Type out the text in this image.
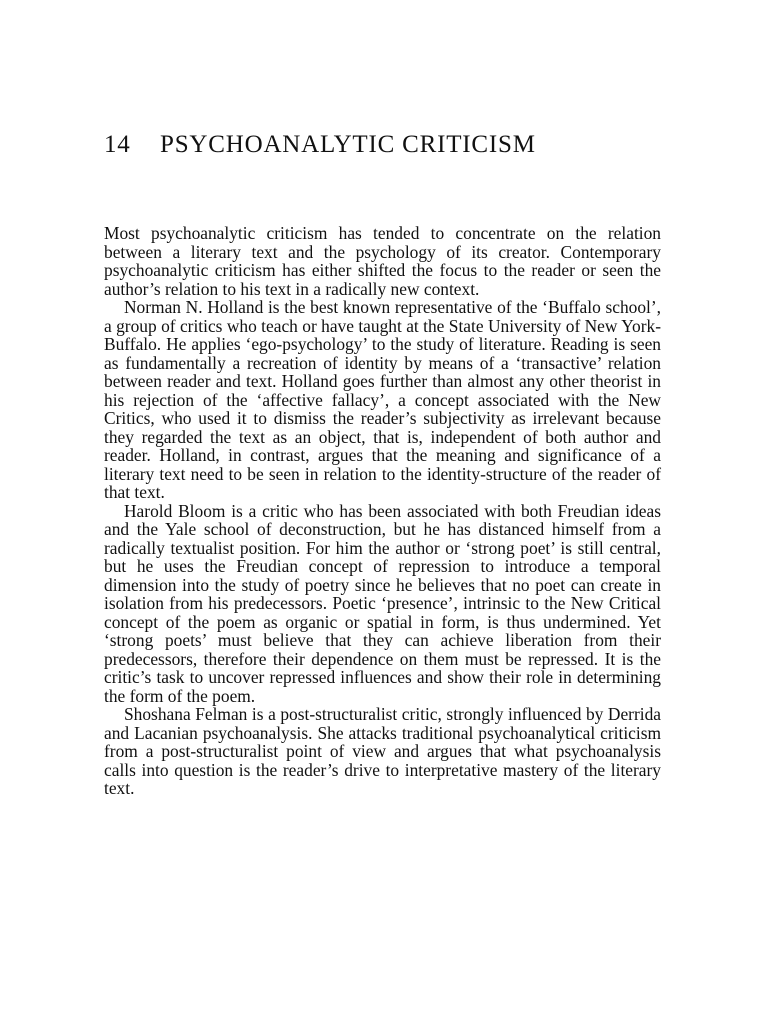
14 PSYCHOANALYTIC CRITICISM

Most psychoanalytic criticism has tended to concentrate on the relation between a literary text and the psychology of its creator. Contemporary psychoanalytic criticism has either shifted the focus to the reader or seen the author’s relation to his text in a radically new context.

Norman N. Holland is the best known representative of the ‘Buffalo school’, a group of critics who teach or have taught at the State University of New York-Buffalo. He applies ‘ego-psychology’ to the study of literature. Reading is seen as fundamentally a recreation of identity by means of a ‘transactive’ relation between reader and text. Holland goes further than almost any other theorist in his rejection of the ‘affective fallacy’, a concept associated with the New Critics, who used it to dismiss the reader’s subjectivity as irrelevant because they regarded the text as an object, that is, independent of both author and reader. Holland, in contrast, argues that the meaning and significance of a literary text need to be seen in relation to the identity-structure of the reader of that text.

Harold Bloom is a critic who has been associated with both Freudian ideas and the Yale school of deconstruction, but he has distanced himself from a radically textualist position. For him the author or ‘strong poet’ is still central, but he uses the Freudian concept of repression to introduce a temporal dimension into the study of poetry since he believes that no poet can create in isolation from his predecessors. Poetic ‘presence’, intrinsic to the New Critical concept of the poem as organic or spatial in form, is thus undermined. Yet ‘strong poets’ must believe that they can achieve liberation from their predecessors, therefore their dependence on them must be repressed. It is the critic’s task to uncover repressed influences and show their role in determining the form of the poem.

Shoshana Felman is a post-structuralist critic, strongly influenced by Derrida and Lacanian psychoanalysis. She attacks traditional psychoanalytical criticism from a post-structuralist point of view and argues that what psychoanalysis calls into question is the reader’s drive to interpretative mastery of the literary text.
